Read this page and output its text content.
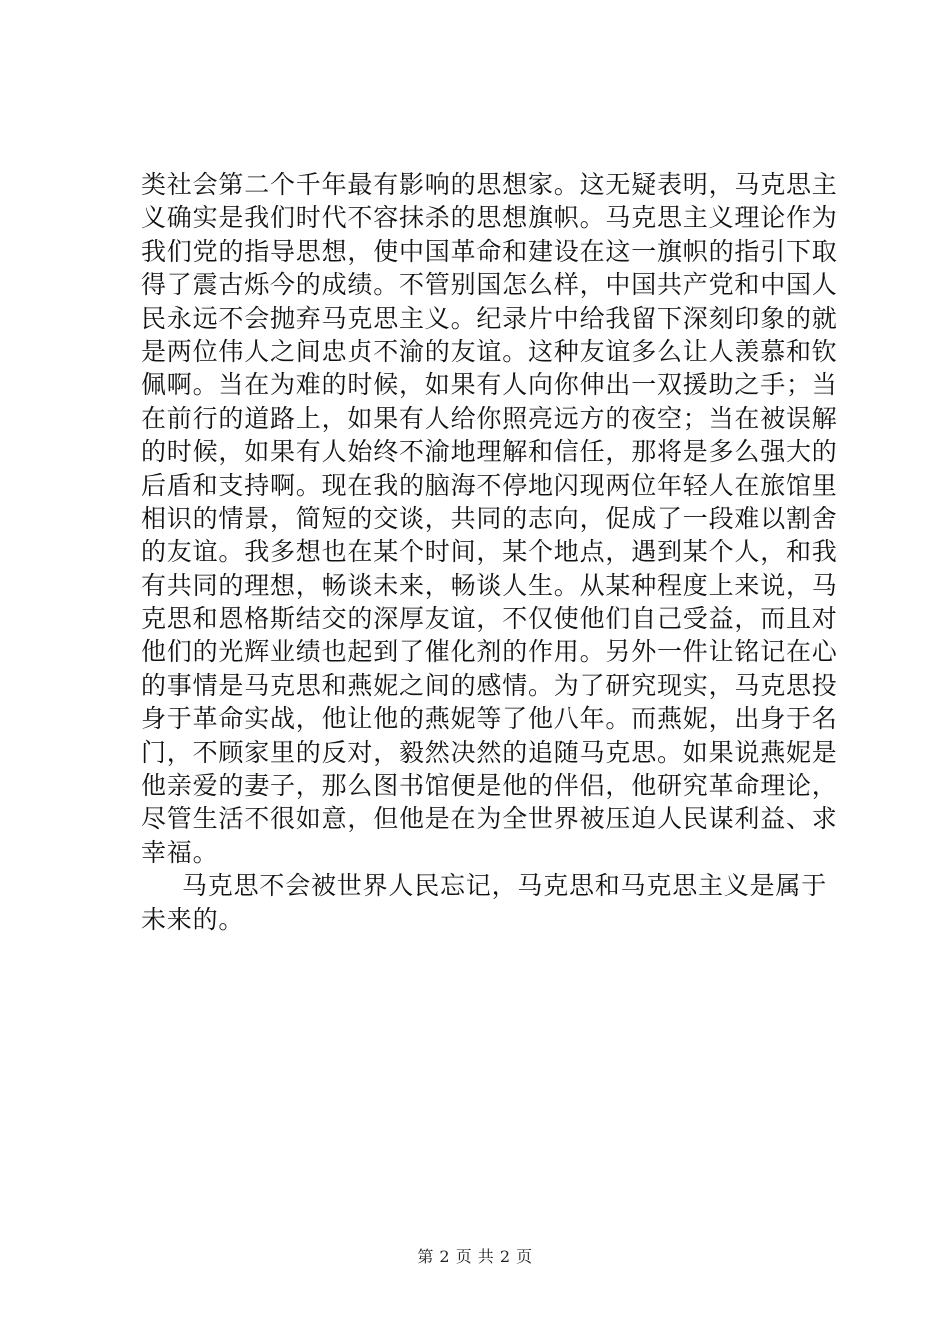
类社会第二个千年最有影响的思想家。这无疑表明，马克思主
义确实是我们时代不容抹杀的思想旗帜。马克思主义理论作为
我们党的指导思想，使中国革命和建设在这一旗帜的指引下取
得了震古烁今的成绩。不管别国怎么样，中国共产党和中国人
民永远不会抛弃马克思主义。纪录片中给我留下深刻印象的就
是两位伟人之间忠贞不渝的友谊。这种友谊多么让人羡慕和钦
佩啊。当在为难的时候，如果有人向你伸出一双援助之手；当
在前行的道路上，如果有人给你照亮远方的夜空；当在被误解
的时候，如果有人始终不渝地理解和信任，那将是多么强大的
后盾和支持啊。现在我的脑海不停地闪现两位年轻人在旅馆里
相识的情景，简短的交谈，共同的志向，促成了一段难以割舍
的友谊。我多想也在某个时间，某个地点，遇到某个人，和我
有共同的理想，畅谈未来，畅谈人生。从某种程度上来说，马
克思和恩格斯结交的深厚友谊，不仅使他们自己受益，而且对
他们的光辉业绩也起到了催化剂的作用。另外一件让铭记在心
的事情是马克思和燕妮之间的感情。为了研究现实，马克思投
身于革命实战，他让他的燕妮等了他八年。而燕妮，出身于名
门，不顾家里的反对，毅然决然的追随马克思。如果说燕妮是
他亲爱的妻子，那么图书馆便是他的伴侣，他研究革命理论，
尽管生活不很如意，但他是在为全世界被压迫人民谋利益、求
幸福。
马克思不会被世界人民忘记，马克思和马克思主义是属于
未来的。
第 2 页 共 2 页
